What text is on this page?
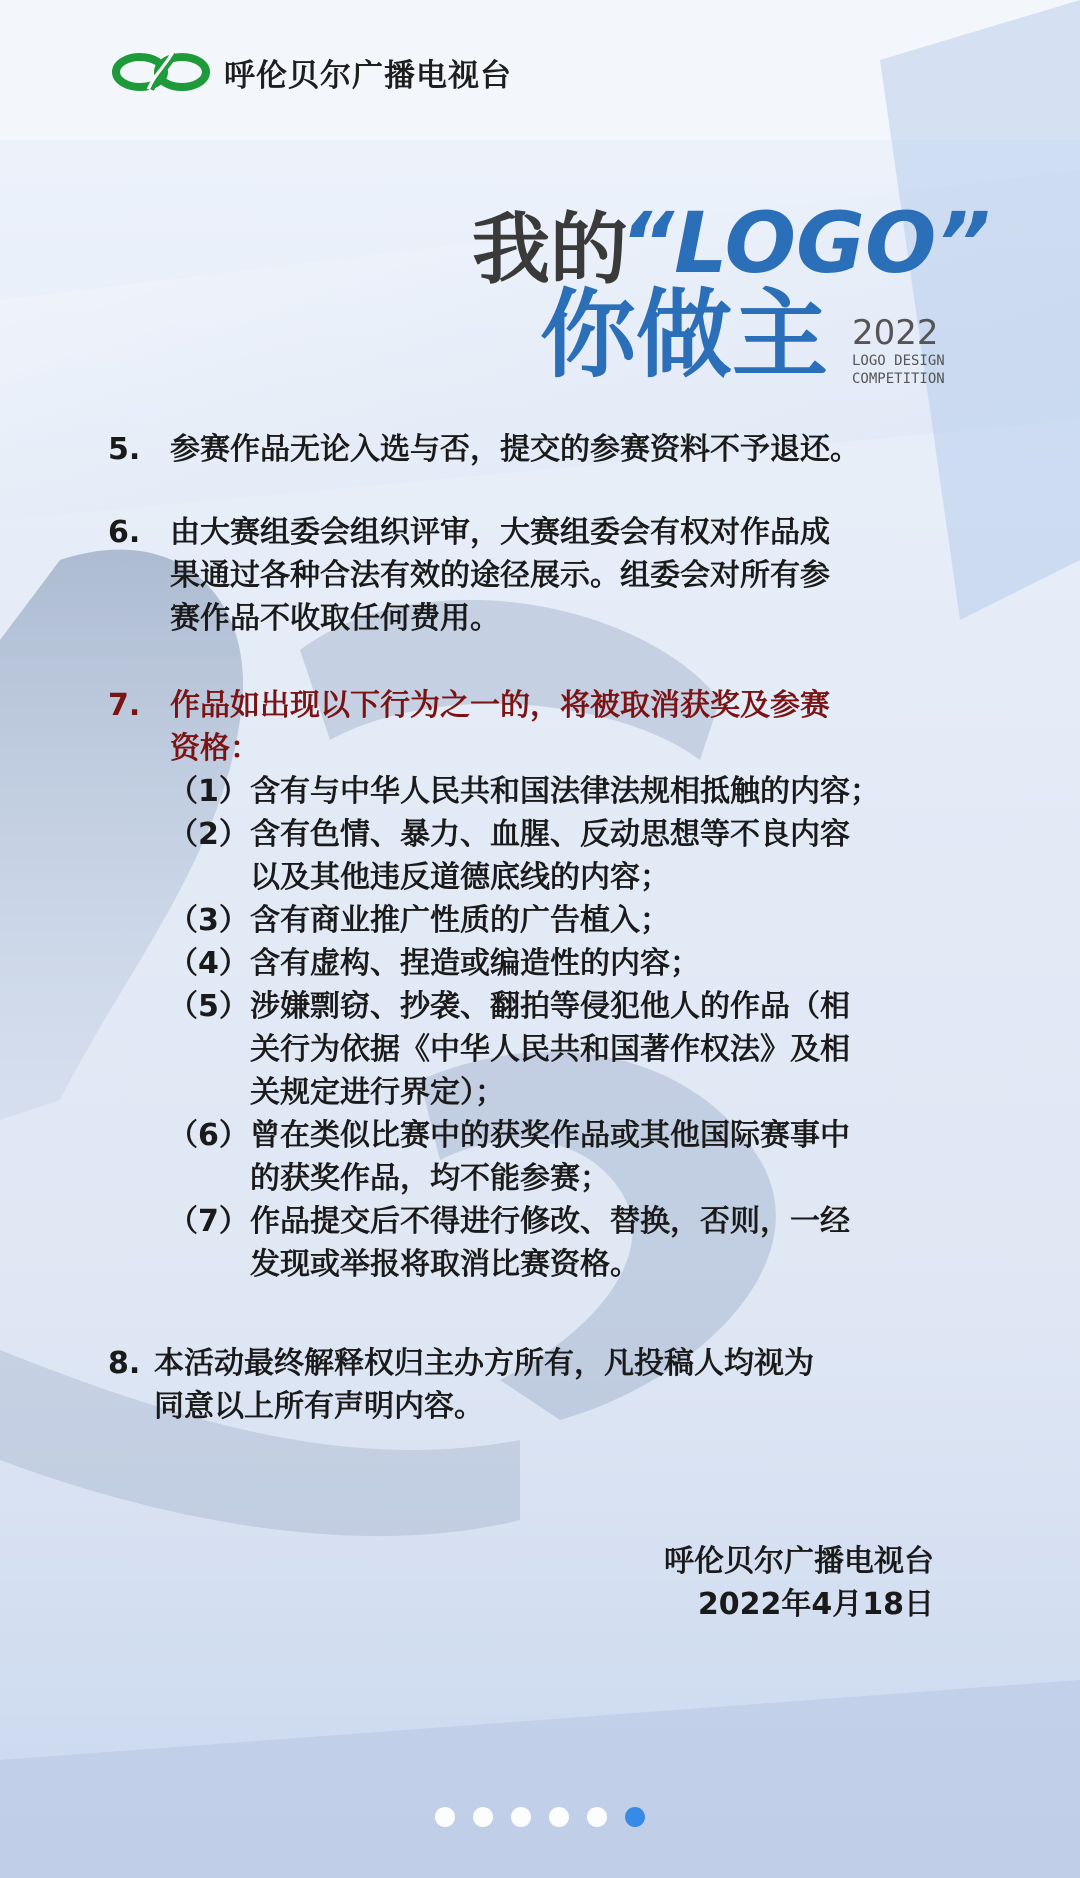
呼伦贝尔广播电视台
我的
“LOGO”
你做主 2022
LOGO DESIGN
COMPETITION
5. 参赛作品无论入选与否，提交的参赛资料不予退还。
6. 由大赛组委会组织评审，大赛组委会有权对作品成
果通过各种合法有效的途径展示。组委会对所有参
赛作品不收取任何费用。
7. 作品如出现以下行为之一的，将被取消获奖及参赛
资格：
（1） 含有与中华人民共和国法律法规相抵触的内容；
（2） 含有色情、暴力、血腥、反动思想等不良内容
以及其他违反道德底线的内容；
（3） 含有商业推广性质的广告植入；
（4） 含有虚构、捏造或编造性的内容；
（5） 涉嫌剽窃、抄袭、翻拍等侵犯他人的作品（相
关行为依据《中华人民共和国著作权法》及相
关规定进行界定）；
（6） 曾在类似比赛中的获奖作品或其他国际赛事中
的获奖作品，均不能参赛；
（7） 作品提交后不得进行修改、替换，否则，一经
发现或举报将取消比赛资格。
8. 本活动最终解释权归主办方所有，凡投稿人均视为
同意以上所有声明内容。
呼伦贝尔广播电视台
2022年4月18日
